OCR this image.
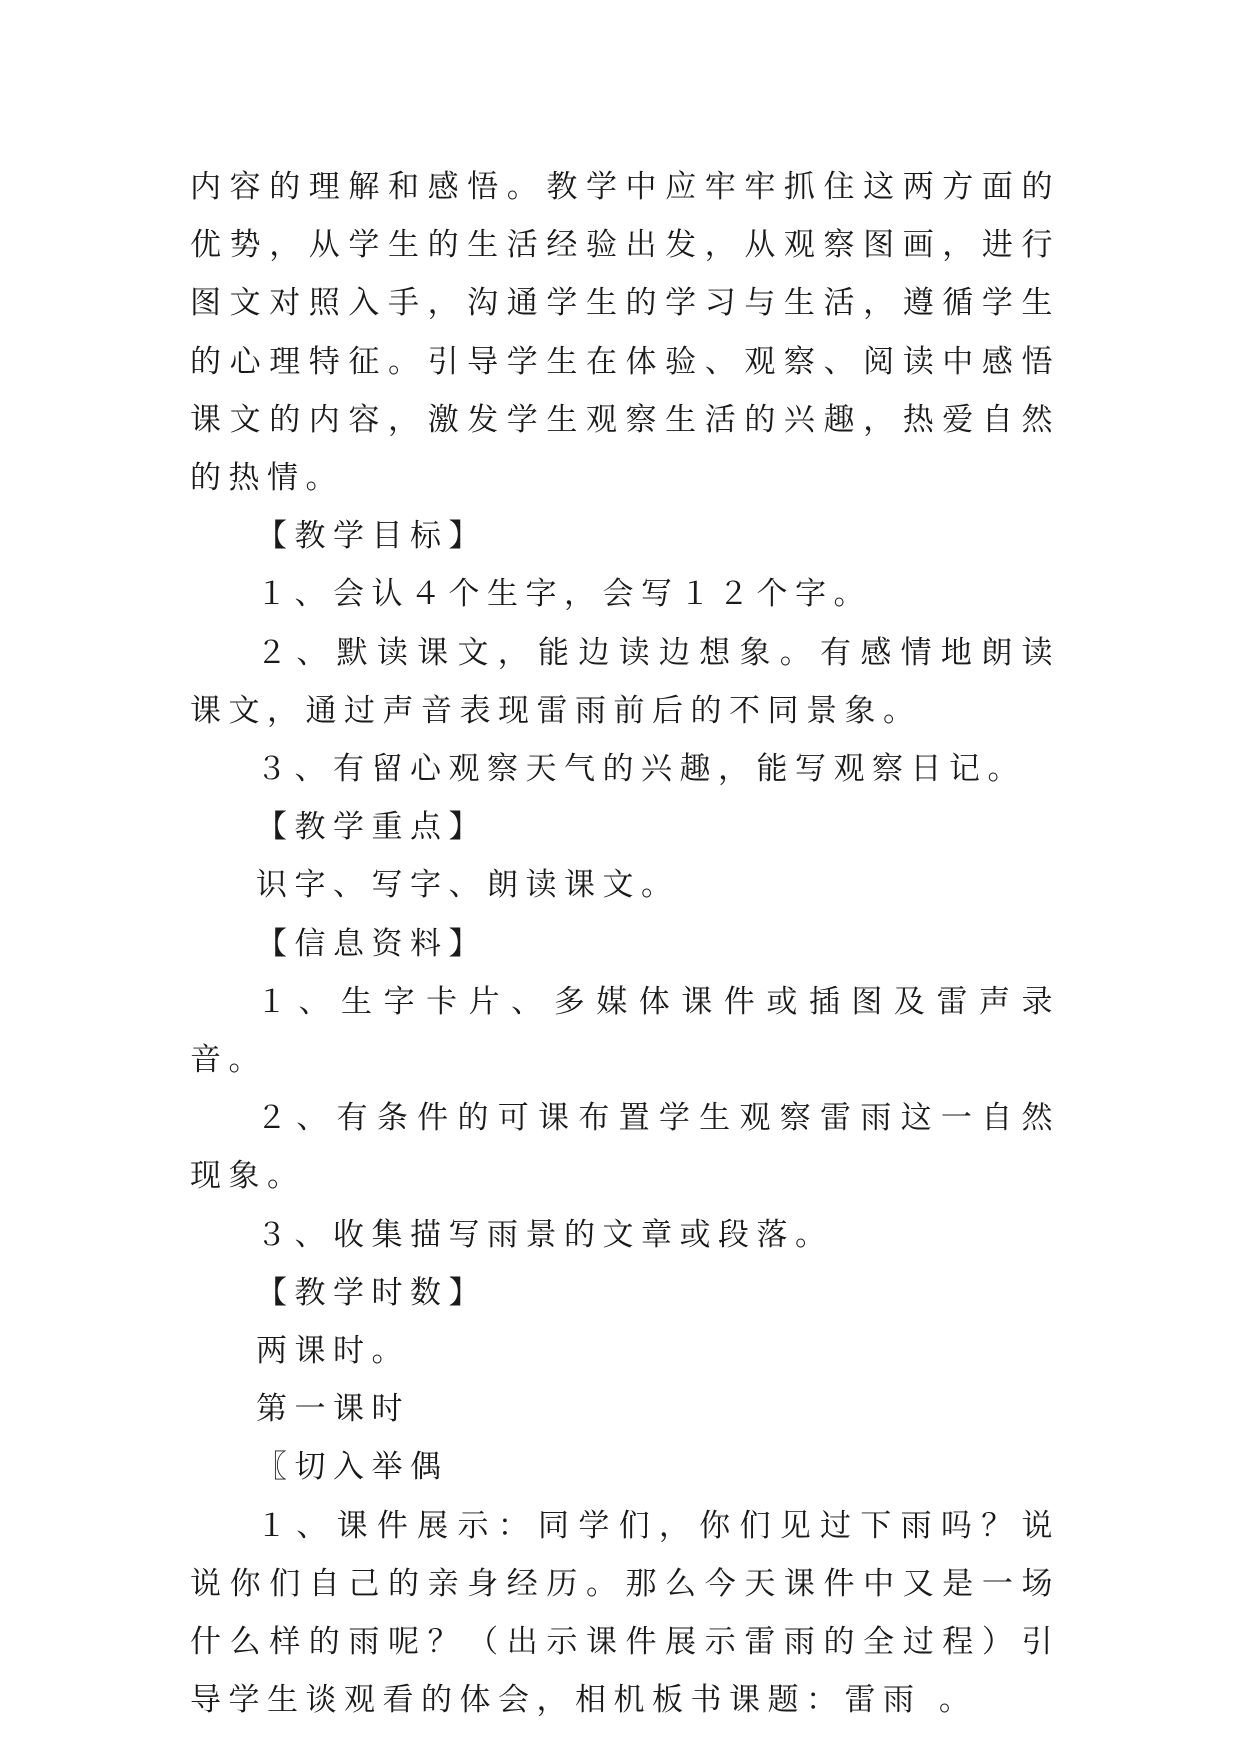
内容的理解和感悟。教学中应牢牢抓住这两方面的优势，从学生的生活经验出发，从观察图画，进行图文对照入手，沟通学生的学习与生活，遵循学生的心理特征。引导学生在体验、观察、阅读中感悟课文的内容，激发学生观察生活的兴趣，热爱自然的热情。

【教学目标】

１、会认４个生字，会写１２个字。

２、默读课文，能边读边想象。有感情地朗读课文，通过声音表现雷雨前后的不同景象。

３、有留心观察天气的兴趣，能写观察日记。

【教学重点】

识字、写字、朗读课文。

【信息资料】

１、生字卡片、多媒体课件或插图及雷声录音。

２、有条件的可课布置学生观察雷雨这一自然现象。

３、收集描写雨景的文章或段落。

【教学时数】

两课时。

第一课时

〖切入举偶

１、课件展示：同学们，你们见过下雨吗？说说你们自己的亲身经历。那么今天课件中又是一场什么样的雨呢？（出示课件展示雷雨的全过程）引导学生谈观看的体会，相机板书课题：雷雨 。
